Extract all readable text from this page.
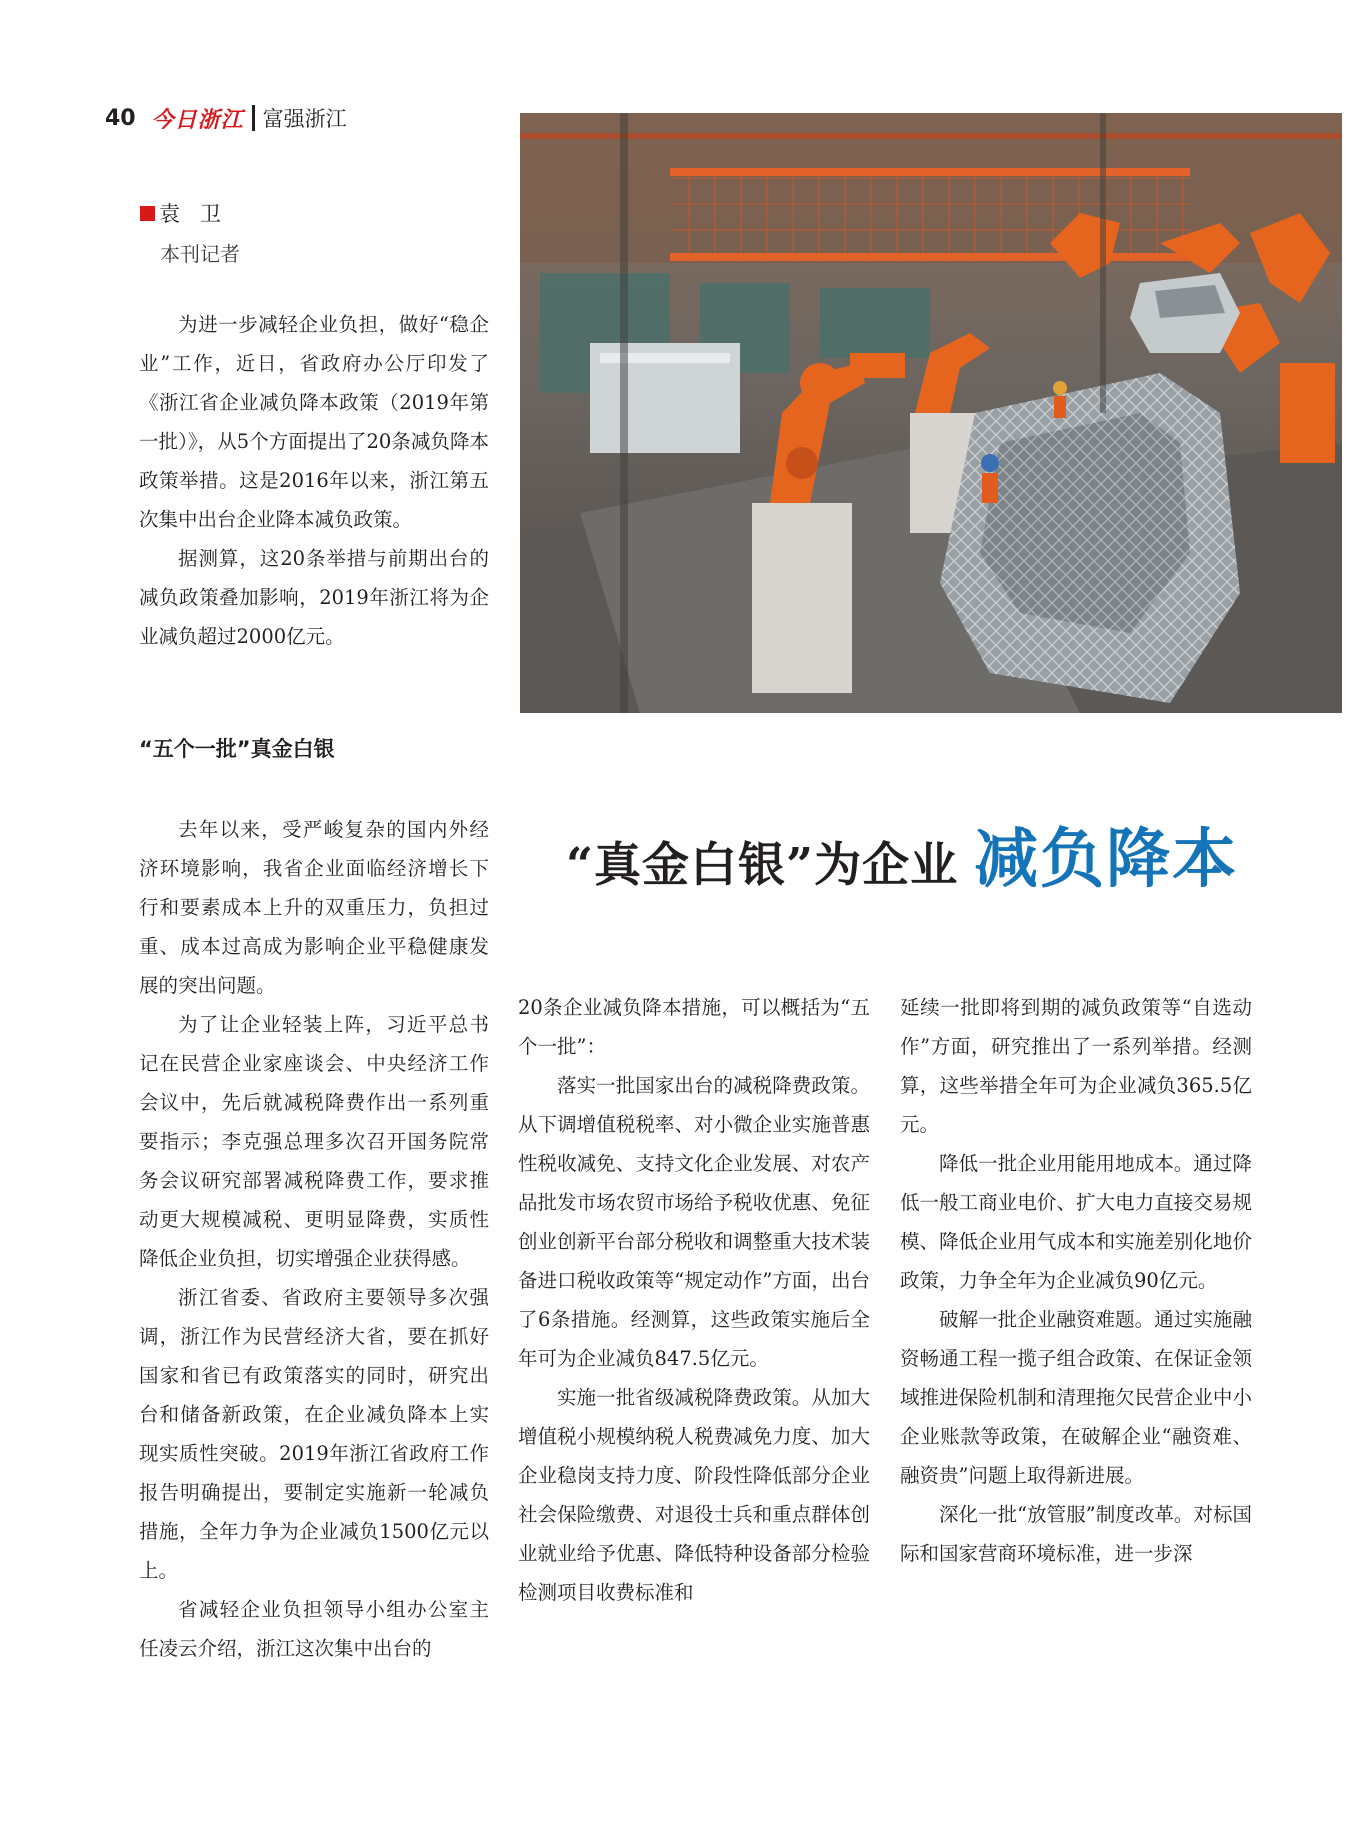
40 今日浙江 富强浙江
袁卫
本刊记者

为进一步减轻企业负担，做好“稳企业”工作，近日，省政府办公厅印发了《浙江省企业减负降本政策（2019年第一批）》，从5个方面提出了20条减负降本政策举措。这是2016年以来，浙江第五次集中出台企业降本减负政策。

据测算，这20条举措与前期出台的减负政策叠加影响，2019年浙江将为企业减负超过2000亿元。

“五个一批”真金白银

去年以来，受严峻复杂的国内外经济环境影响，我省企业面临经济增长下行和要素成本上升的双重压力，负担过重、成本过高成为影响企业平稳健康发展的突出问题。

为了让企业轻装上阵，习近平总书记在民营企业家座谈会、中央经济工作会议中，先后就减税降费作出一系列重要指示；李克强总理多次召开国务院常务会议研究部署减税降费工作，要求推动更大规模减税、更明显降费，实质性降低企业负担，切实增强企业获得感。

浙江省委、省政府主要领导多次强调，浙江作为民营经济大省，要在抓好国家和省已有政策落实的同时，研究出台和储备新政策，在企业减负降本上实现实质性突破。2019年浙江省政府工作报告明确提出，要制定实施新一轮减负措施，全年力争为企业减负1500亿元以上。

省减轻企业负担领导小组办公室主任凌云介绍，浙江这次集中出台的

“真金白银”为企业 减负降本

20条企业减负降本措施，可以概括为“五个一批”：

落实一批国家出台的减税降费政策。从下调增值税税率、对小微企业实施普惠性税收减免、支持文化企业发展、对农产品批发市场农贸市场给予税收优惠、免征创业创新平台部分税收和调整重大技术装备进口税收政策等“规定动作”方面，出台了6条措施。经测算，这些政策实施后全年可为企业减负847.5亿元。

实施一批省级减税降费政策。从加大增值税小规模纳税人税费减免力度、加大企业稳岗支持力度、阶段性降低部分企业社会保险缴费、对退役士兵和重点群体创业就业给予优惠、降低特种设备部分检验检测项目收费标准和

延续一批即将到期的减负政策等“自选动作”方面，研究推出了一系列举措。经测算，这些举措全年可为企业减负365.5亿元。

降低一批企业用能用地成本。通过降低一般工商业电价、扩大电力直接交易规模、降低企业用气成本和实施差别化地价政策，力争全年为企业减负90亿元。

破解一批企业融资难题。通过实施融资畅通工程一揽子组合政策、在保证金领域推进保险机制和清理拖欠民营企业中小企业账款等政策，在破解企业“融资难、融资贵”问题上取得新进展。

深化一批“放管服”制度改革。对标国际和国家营商环境标准，进一步深
